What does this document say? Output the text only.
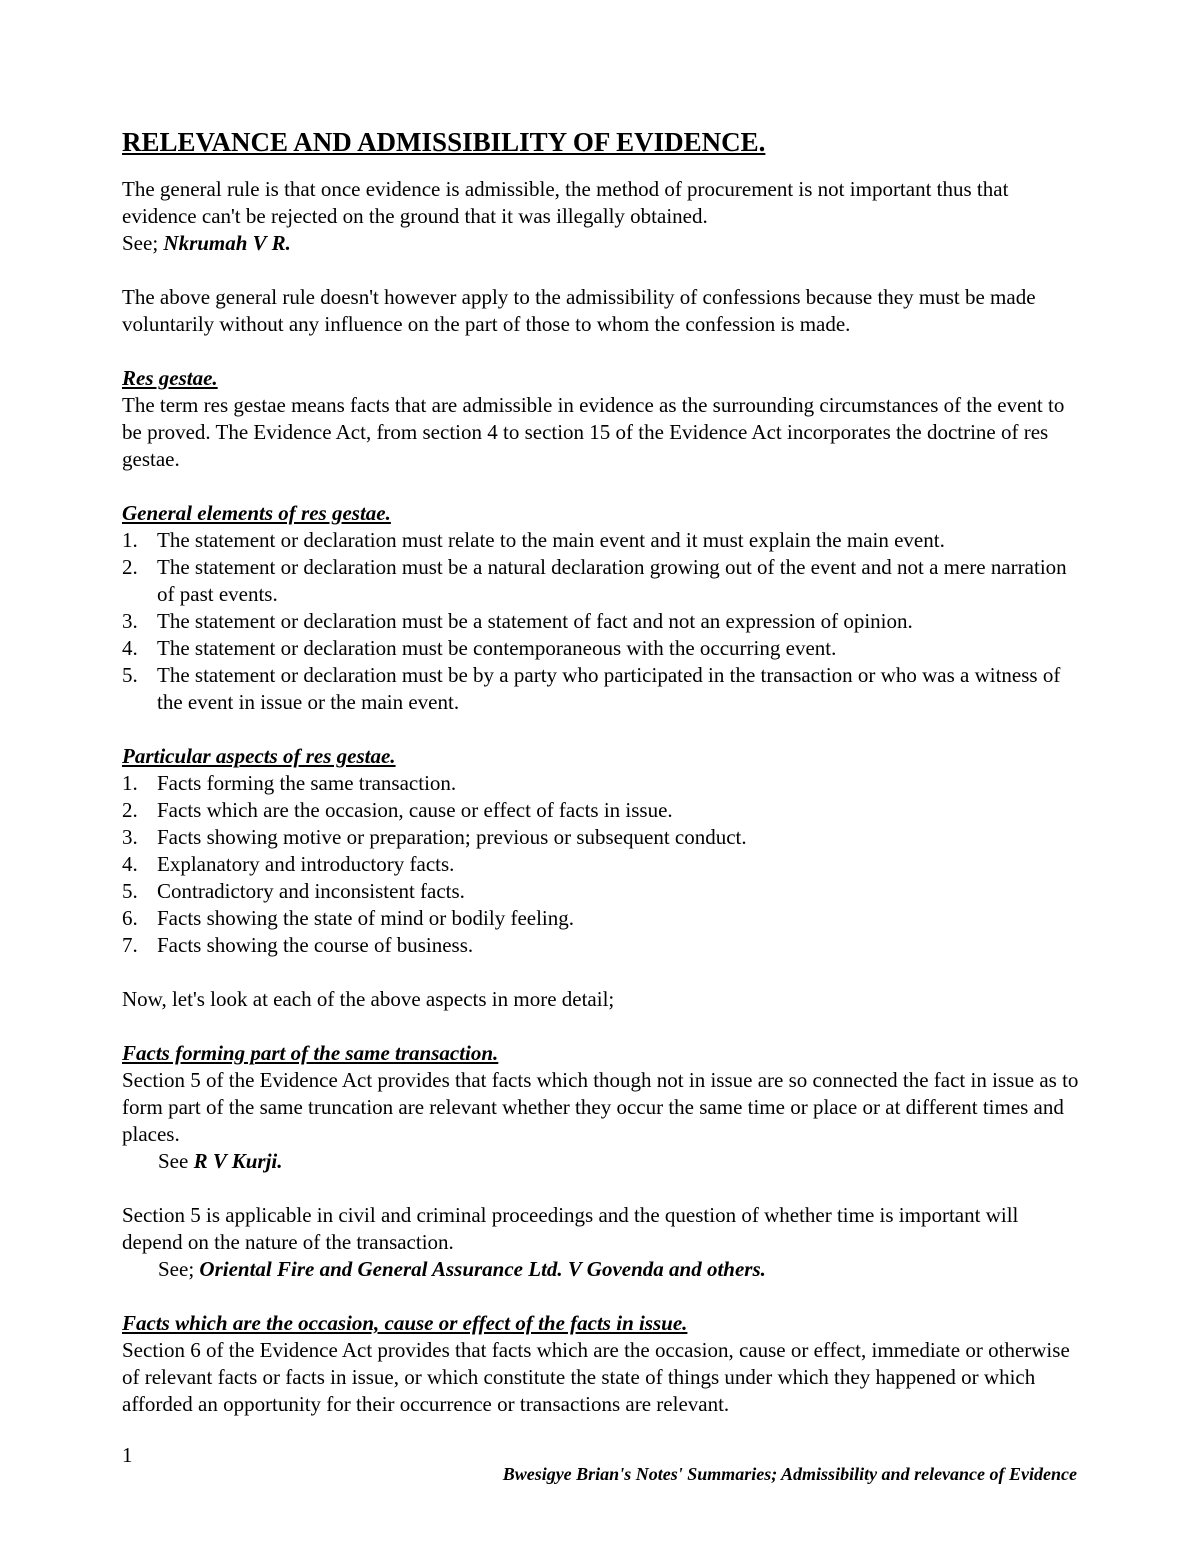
RELEVANCE AND ADMISSIBILITY OF EVIDENCE.

The general rule is that once evidence is admissible, the method of procurement is not important thus that evidence can't be rejected on the ground that it was illegally obtained.

See; Nkrumah V R.

The above general rule doesn't however apply to the admissibility of confessions because they must be made voluntarily without any influence on the part of those to whom the confession is made.

Res gestae.

The term res gestae means facts that are admissible in evidence as the surrounding circumstances of the event to be proved. The Evidence Act, from section 4 to section 15 of the Evidence Act incorporates the doctrine of res gestae.

General elements of res gestae.

1. The statement or declaration must relate to the main event and it must explain the main event.
2. The statement or declaration must be a natural declaration growing out of the event and not a mere narration of past events.
3. The statement or declaration must be a statement of fact and not an expression of opinion.
4. The statement or declaration must be contemporaneous with the occurring event.
5. The statement or declaration must be by a party who participated in the transaction or who was a witness of the event in issue or the main event.

Particular aspects of res gestae.

1. Facts forming the same transaction.
2. Facts which are the occasion, cause or effect of facts in issue.
3. Facts showing motive or preparation; previous or subsequent conduct.
4. Explanatory and introductory facts.
5. Contradictory and inconsistent facts.
6. Facts showing the state of mind or bodily feeling.
7. Facts showing the course of business.

Now, let's look at each of the above aspects in more detail;

Facts forming part of the same transaction.

Section 5 of the Evidence Act provides that facts which though not in issue are so connected the fact in issue as to form part of the same truncation are relevant whether they occur the same time or place or at different times and places.

See R V Kurji.

Section 5 is applicable in civil and criminal proceedings and the question of whether time is important will depend on the nature of the transaction.

See; Oriental Fire and General Assurance Ltd. V Govenda and others.

Facts which are the occasion, cause or effect of the facts in issue.

Section 6 of the Evidence Act provides that facts which are the occasion, cause or effect, immediate or otherwise of relevant facts or facts in issue, or which constitute the state of things under which they happened or which afforded an opportunity for their occurrence or transactions are relevant.

1
Bwesigye Brian's Notes' Summaries; Admissibility and relevance of Evidence
